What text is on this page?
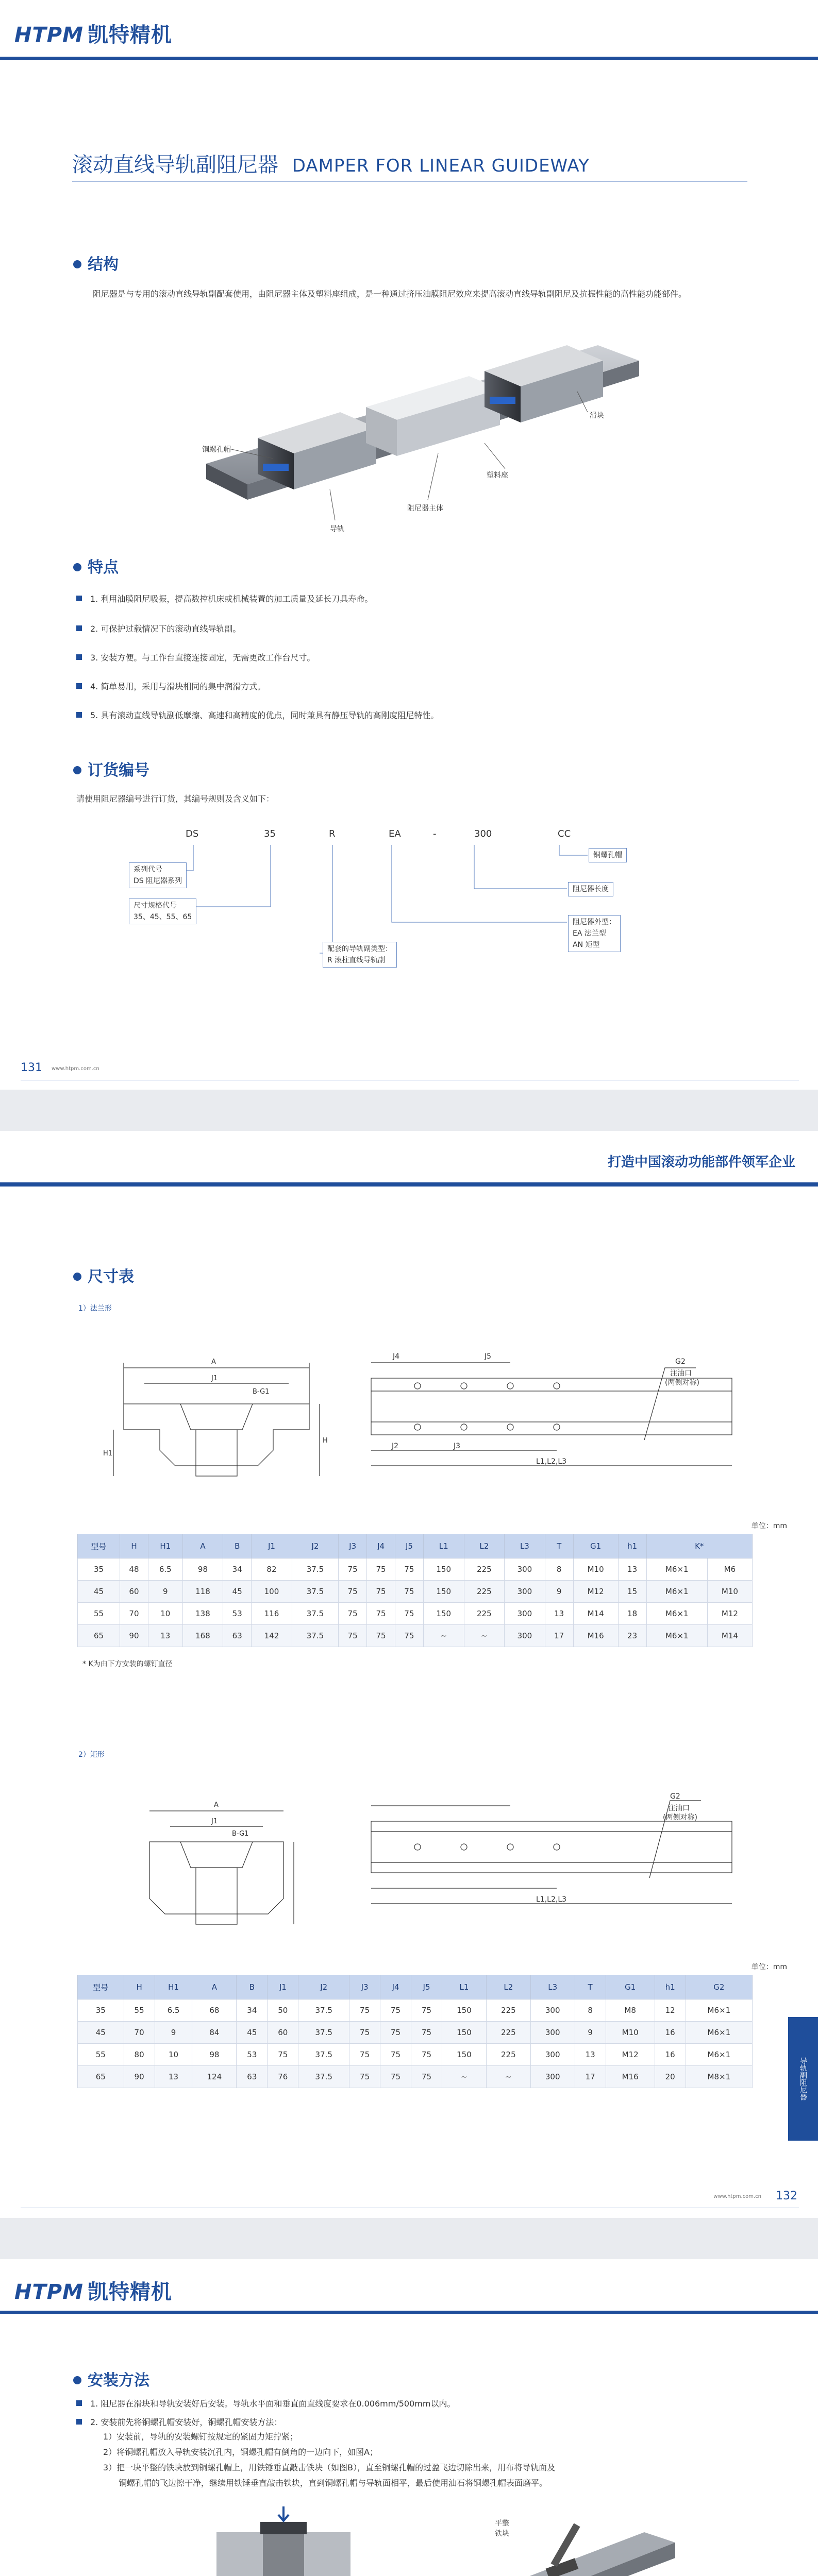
HTPM 凯特精机
滚动直线导轨副阻尼器 DAMPER FOR LINEAR GUIDEWAY
结构
阻尼器是与专用的滚动直线导轨副配套使用，由阻尼器主体及塑料座组成，是一种通过挤压油膜阻尼效应来提高滚动直线导轨副阻尼及抗振性能的高性能功能部件。
滑块
塑料座
阻尼器主体
导轨
铜螺孔帽
特点
1. 利用油膜阻尼吸振，提高数控机床或机械装置的加工质量及延长刀具寿命。
2. 可保护过载情况下的滚动直线导轨副。
3. 安装方便。与工作台直接连接固定，无需更改工作台尺寸。
4. 简单易用，采用与滑块相同的集中润滑方式。
5. 具有滚动直线导轨副低摩擦、高速和高精度的优点，同时兼具有静压导轨的高刚度阻尼特性。
订货编号
请使用阻尼器编号进行订货，其编号规则及含义如下：
DS	35	R	EA	-	300	CC
系列代号
DS 阻尼器系列
尺寸规格代号
35、45、55、65
配套的导轨副类型：
R 滚柱直线导轨副
铜螺孔帽
阻尼器长度
阻尼器外型：
EA 法兰型
AN 矩型
131 www.htpm.com.cn
打造中国滚动功能部件领军企业
尺寸表
1）法兰形
A
J1
B-G1
H
H1
J4	J5
G2
注油口
(两侧对称)
J2	J3
L1,L2,L3
单位：mm
型号	H	H1	A	B	J1	J2	J3	J4	J5	L1	L2	L3	T	G1	h1	K*	
35	48	6.5	98	34	82	37.5	75	75	75	150	225	300	8	M10	13	M6×1	M6
45	60	9	118	45	100	37.5	75	75	75	150	225	300	9	M12	15	M6×1	M10
55	70	10	138	53	116	37.5	75	75	75	150	225	300	13	M14	18	M6×1	M12
65	90	13	168	63	142	37.5	75	75	75	~	~	300	17	M16	23	M6×1	M14
* K为由下方安装的螺钉直径
2）矩形
A
J1
B-G1
G2
注油口
(两侧对称)
L1,L2,L3
单位：mm
型号	H	H1	A	B	J1	J2	J3	J4	J5	L1	L2	L3	T	G1	h1	G2
35	55	6.5	68	34	50	37.5	75	75	75	150	225	300	8	M8	12	M6×1
45	70	9	84	45	60	37.5	75	75	75	150	225	300	9	M10	16	M6×1
55	80	10	98	53	75	37.5	75	75	75	150	225	300	13	M12	16	M6×1
65	90	13	124	63	76	37.5	75	75	75	~	~	300	17	M16	20	M8×1	导轨副阻尼器
www.htpm.com.cn 132
HTPM 凯特精机
安装方法
1. 阻尼器在滑块和导轨安装好后安装。导轨水平面和垂直面直线度要求在0.006mm/500mm以内。
2. 安装前先将铜螺孔帽安装好，铜螺孔帽安装方法：
1）安装前，导轨的安装螺钉按规定的紧固力矩拧紧；
2）将铜螺孔帽放入导轨安装沉孔内，铜螺孔帽有倒角的一边向下，如图A；
3）把一块平整的铁块放到铜螺孔帽上，用铁锤垂直敲击铁块（如图B），直至铜螺孔帽的过盈飞边切除出来，用布将导轨面及
铜螺孔帽的飞边擦干净，继续用铁锤垂直敲击铁块，直到铜螺孔帽与导轨面相平，最后使用油石将铜螺孔帽表面磨平。
平整
铁块
